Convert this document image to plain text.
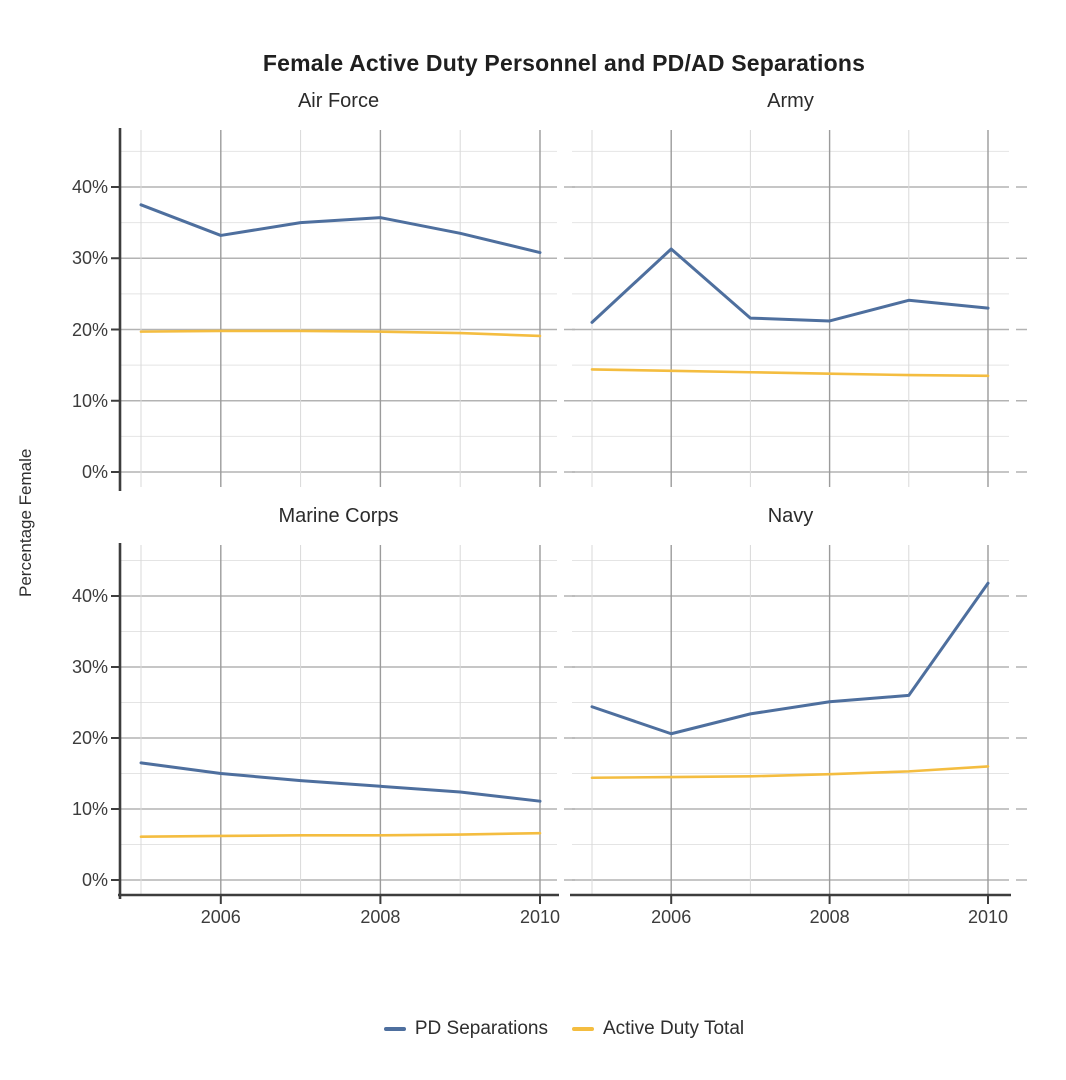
Female Active Duty Personnel and PD/AD Separations
Air Force	Army
Marine Corps	Navy
0%
10%
20%
30%
40%
0%
10%
20%
30%
40%
2006	2008	2010	2006	2008	2010
Percentage Female
PD Separations	Active Duty Total
